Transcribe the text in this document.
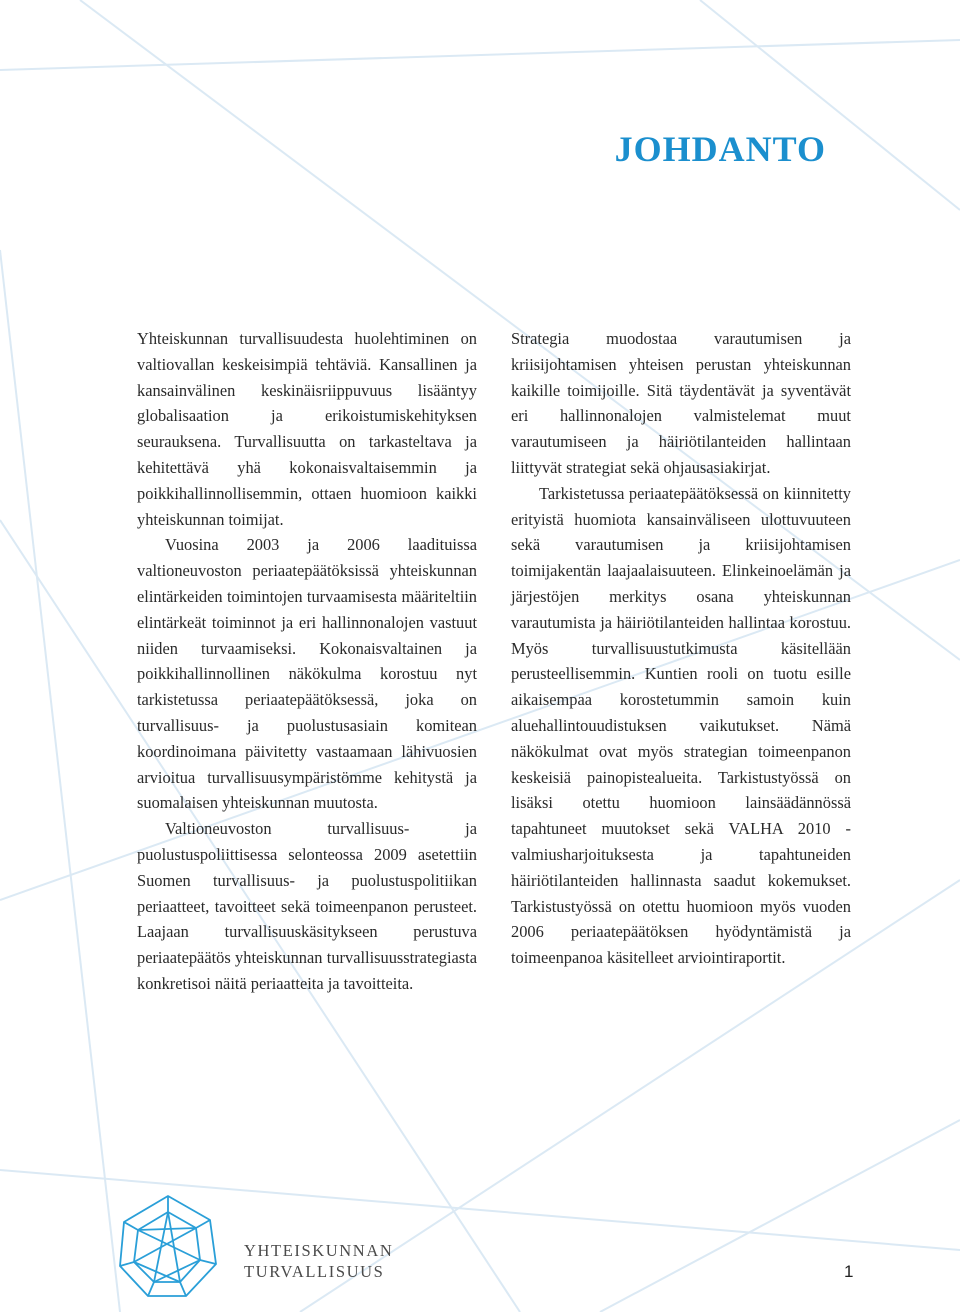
JOHDANTO

Yhteiskunnan turvallisuudesta huolehtiminen on valtiovallan keskeisimpiä tehtäviä. Kansallinen ja kansainvälinen keskinäisriippuvuus lisääntyy globalisaation ja erikoistumiskehityksen seurauksena. Turvallisuutta on tarkasteltava ja kehitettävä yhä kokonaisvaltaisemmin ja poikkihallinnollisemmin, ottaen huomioon kaikki yhteiskunnan toimijat.

Vuosina 2003 ja 2006 laadituissa valtioneuvoston periaatepäätöksissä yhteiskunnan elintärkeiden toimintojen turvaamisesta määriteltiin elintärkeät toiminnot ja eri hallinnonalojen vastuut niiden turvaamiseksi. Kokonaisvaltainen ja poikkihallinnollinen näkökulma korostuu nyt tarkistetussa periaatepäätöksessä, joka on turvallisuus- ja puolustusasiain komitean koordinoimana päivitetty vastaamaan lähivuosien arvioitua turvallisuusympäristömme kehitystä ja suomalaisen yhteiskunnan muutosta.

Valtioneuvoston turvallisuus- ja puolustuspoliittisessa selonteossa 2009 asetettiin Suomen turvallisuus- ja puolustuspolitiikan periaatteet, tavoitteet sekä toimeenpanon perusteet. Laajaan turvallisuuskäsitykseen perustuva periaatepäätös yhteiskunnan turvallisuusstrategiasta konkretisoi näitä periaatteita ja tavoitteita.

Strategia muodostaa varautumisen ja kriisijohtamisen yhteisen perustan yhteiskunnan kaikille toimijoille. Sitä täydentävät ja syventävät eri hallinnonalojen valmistelemat muut varautumiseen ja häiriötilanteiden hallintaan liittyvät strategiat sekä ohjausasiakirjat.

Tarkistetussa periaatepäätöksessä on kiinnitetty erityistä huomiota kansainväliseen ulottuvuuteen sekä varautumisen ja kriisijohtamisen toimijakentän laajaalaisuuteen. Elinkeinoelämän ja järjestöjen merkitys osana yhteiskunnan varautumista ja häiriötilanteiden hallintaa korostuu. Myös turvallisuustutkimusta käsitellään perusteellisemmin. Kuntien rooli on tuotu esille aikaisempaa korostetummin samoin kuin aluehallintouudistuksen vaikutukset. Nämä näkökulmat ovat myös strategian toimeenpanon keskeisiä painopistealueita. Tarkistustyössä on lisäksi otettu huomioon lainsäädännössä tapahtuneet muutokset sekä VALHA 2010 -valmiusharjoituksesta ja tapahtuneiden häiriötilanteiden hallinnasta saadut kokemukset. Tarkistustyössä on otettu huomioon myös vuoden 2006 periaatepäätöksen hyödyntämistä ja toimeenpanoa käsitelleet arviointiraportit.

YHTEISKUNNAN
TURVALLISUUS	1
